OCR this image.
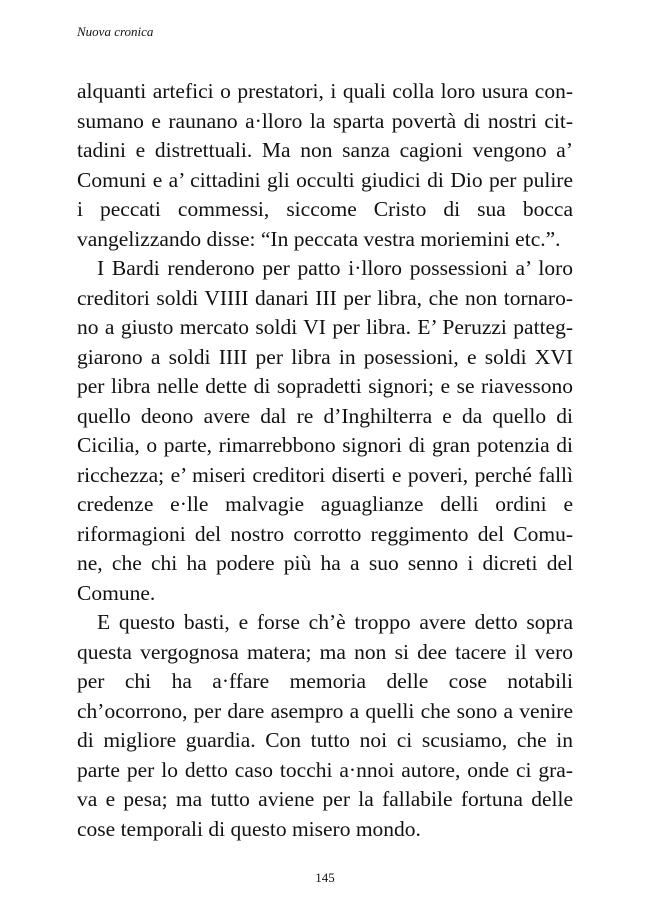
Nuova cronica
alquanti artefici o prestatori, i quali colla loro usura con-
sumano e raunano a·lloro la sparta povertà di nostri cit-
tadini e distrettuali. Ma non sanza cagioni vengono a’
Comuni e a’ cittadini gli occulti giudici di Dio per pulire
i peccati commessi, siccome Cristo di sua bocca
vangelizzando disse: “In peccata vestra moriemini etc.”.
I Bardi renderono per patto i·lloro possessioni a’ loro
creditori soldi VIIII danari III per libra, che non tornaro-
no a giusto mercato soldi VI per libra. E’ Peruzzi patteg-
giarono a soldi IIII per libra in posessioni, e soldi XVI
per libra nelle dette di sopradetti signori; e se riavessono
quello deono avere dal re d’Inghilterra e da quello di
Cicilia, o parte, rimarrebbono signori di gran potenzia di
ricchezza; e’ miseri creditori diserti e poveri, perché fallì
credenze e·lle malvagie aguaglianze delli ordini e
riformagioni del nostro corrotto reggimento del Comu-
ne, che chi ha podere più ha a suo senno i dicreti del
Comune.
E questo basti, e forse ch’è troppo avere detto sopra
questa vergognosa matera; ma non si dee tacere il vero
per chi ha a·ffare memoria delle cose notabili
ch’ocorrono, per dare asempro a quelli che sono a venire
di migliore guardia. Con tutto noi ci scusiamo, che in
parte per lo detto caso tocchi a·nnoi autore, onde ci gra-
va e pesa; ma tutto aviene per la fallabile fortuna delle
cose temporali di questo misero mondo.
145
